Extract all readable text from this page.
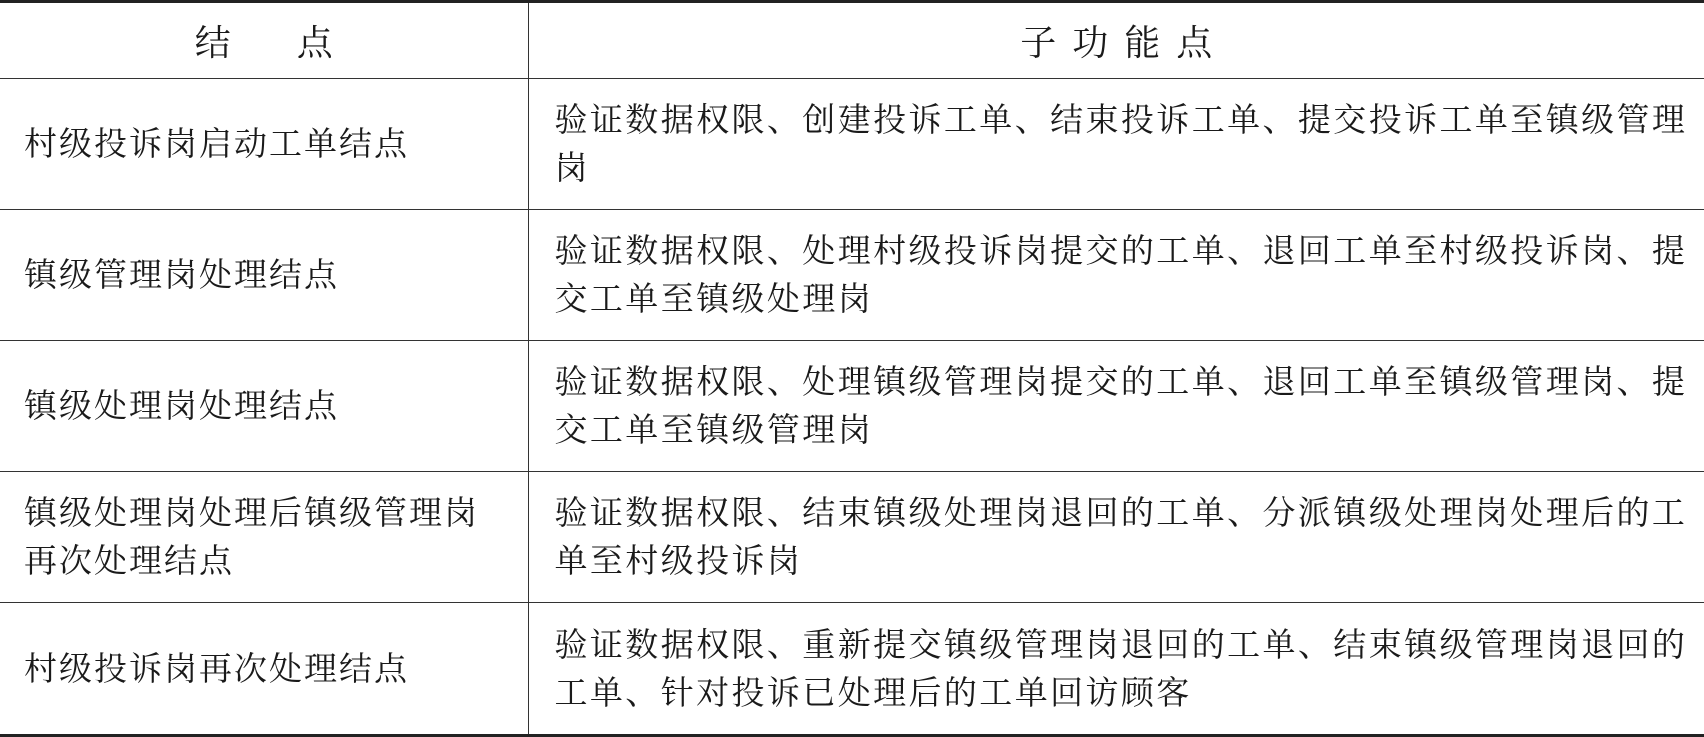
结点	子功能点
村级投诉岗启动工单结点	验证数据权限、创建投诉工单、结束投诉工单、提交投诉工单至镇级管理岗
镇级管理岗处理结点	验证数据权限、处理村级投诉岗提交的工单、退回工单至村级投诉岗、提交工单至镇级处理岗
镇级处理岗处理结点	验证数据权限、处理镇级管理岗提交的工单、退回工单至镇级管理岗、提交工单至镇级管理岗
镇级处理岗处理后镇级管理岗再次处理结点	验证数据权限、结束镇级处理岗退回的工单、分派镇级处理岗处理后的工单至村级投诉岗
村级投诉岗再次处理结点	验证数据权限、重新提交镇级管理岗退回的工单、结束镇级管理岗退回的工单、针对投诉已处理后的工单回访顾客
